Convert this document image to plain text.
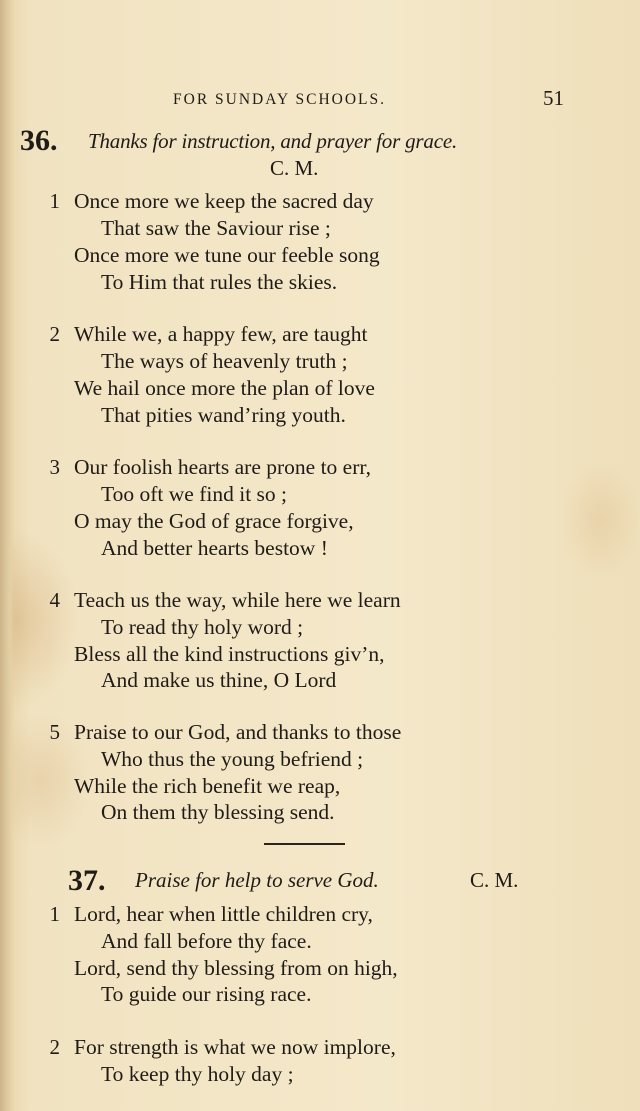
FOR SUNDAY SCHOOLS.	51
36. Thanks for instruction, and prayer for grace.
C. M.
1 Once more we keep the sacred day
That saw the Saviour rise ;
Once more we tune our feeble song
To Him that rules the skies.
2 While we, a happy few, are taught
The ways of heavenly truth ;
We hail once more the plan of love
That pities wand’ring youth.
3 Our foolish hearts are prone to err,
Too oft we find it so ;
O may the God of grace forgive,
And better hearts bestow !
4 Teach us the way, while here we learn
To read thy holy word ;
Bless all the kind instructions giv’n,
And make us thine, O Lord
5 Praise to our God, and thanks to those
Who thus the young befriend ;
While the rich benefit we reap,
On them thy blessing send.
37. Praise for help to serve God.	C. M.
1 Lord, hear when little children cry,
And fall before thy face.
Lord, send thy blessing from on high,
To guide our rising race.
2 For strength is what we now implore,
To keep thy holy day ;
